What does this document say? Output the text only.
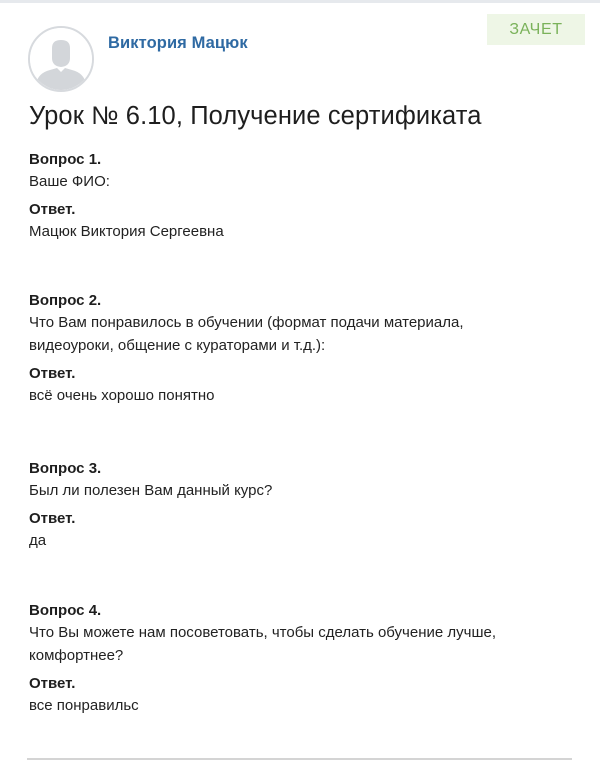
Виктория Мацюк
ЗАЧЕТ
Урок № 6.10, Получение сертификата
Вопрос 1.
Ваше ФИО:
Ответ.
Мацюк Виктория Сергеевна
Вопрос 2.
Что Вам понравилось в обучении (формат подачи материала, видеоуроки, общение с кураторами и т.д.):
Ответ.
всё очень хорошо понятно
Вопрос 3.
Был ли полезен Вам данный курс?
Ответ.
да
Вопрос 4.
Что Вы можете нам посоветовать, чтобы сделать обучение лучше, комфортнее?
Ответ.
все понравильс
